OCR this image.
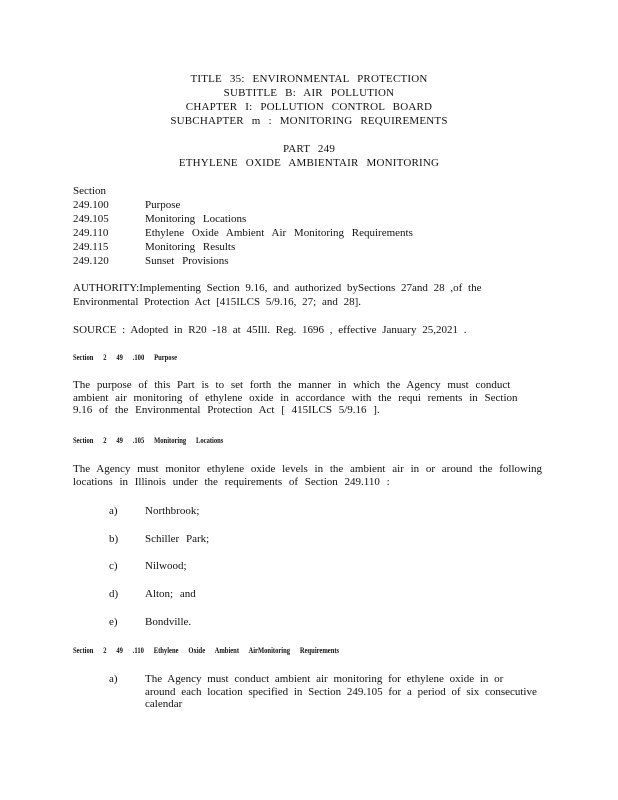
TITLE 35: ENVIRONMENTAL PROTECTION
SUBTITLE B: AIR POLLUTION
CHAPTER I: POLLUTION CONTROL BOARD
SUBCHAPTER m : MONITORING REQUIREMENTS
PART 249
ETHYLENE OXIDE AMBIENTAIR MONITORING
Section
249.100	Purpose
249.105	Monitoring Locations
249.110	Ethylene Oxide Ambient Air Monitoring Requirements
249.115	Monitoring Results
249.120	Sunset Provisions
AUTHORITY:Implementing Section 9.16, and authorized bySections 27and 28 ,of the
Environmental Protection Act [415ILCS 5/9.16, 27; and 28].
SOURCE : Adopted in R20 -18 at 45Ill. Reg. 1696 , effective January 25,2021 .
Section 2 49 .100 Purpose
The purpose of this Part is to set forth the manner in which the Agency must conduct ambient air monitoring of ethylene oxide in accordance with the requi rements in Section 9.16 of the Environmental Protection Act [ 415ILCS 5/9.16 ].
Section 2 49 .105 Monitoring Locations
The Agency must monitor ethylene oxide levels in the ambient air in or around the following locations in Illinois under the requirements of Section 249.110 :
a) Northbrook;
b) Schiller Park;
c) Nilwood;
d) Alton; and
e) Bondville.
Section 2 49 .110 Ethylene Oxide Ambient AirMonitoring Requirements
a) The Agency must conduct ambient air monitoring for ethylene oxide in or around each location specified in Section 249.105 for a period of six consecutive calendar
